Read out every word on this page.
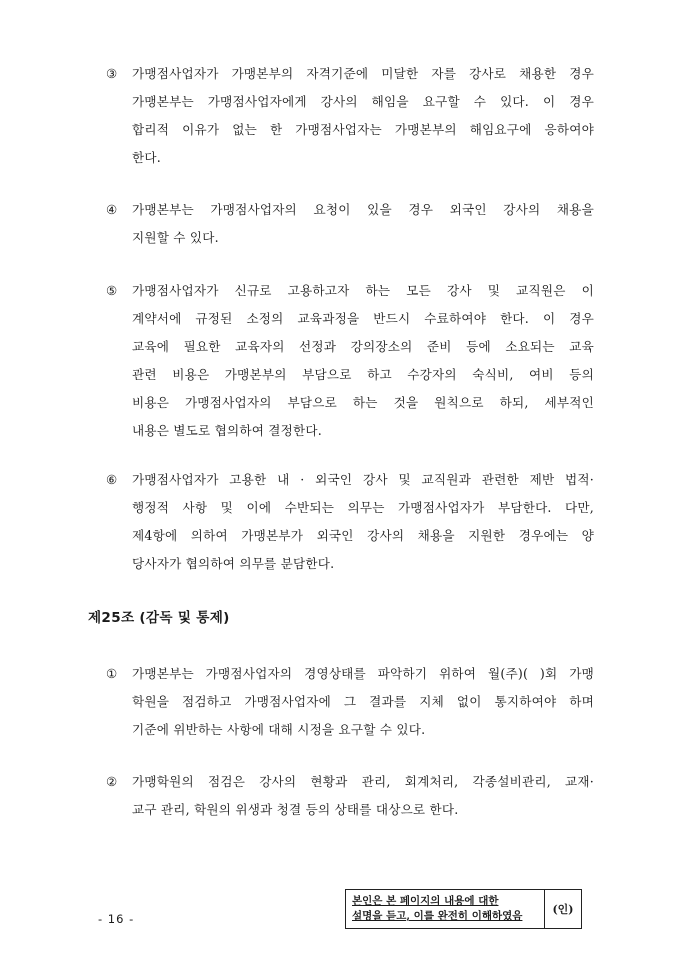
③	가맹점사업자가 가맹본부의 자격기준에 미달한 자를 강사로 채용한 경우
가맹본부는 가맹점사업자에게 강사의 해임을 요구할 수 있다. 이 경우
합리적 이유가 없는 한 가맹점사업자는 가맹본부의 해임요구에 응하여야
한다.
④	가맹본부는 가맹점사업자의 요청이 있을 경우 외국인 강사의 채용을
지원할 수 있다.
⑤	가맹점사업자가 신규로 고용하고자 하는 모든 강사 및 교직원은 이
계약서에 규정된 소정의 교육과정을 반드시 수료하여야 한다. 이 경우
교육에 필요한 교육자의 선정과 강의장소의 준비 등에 소요되는 교육
관련 비용은 가맹본부의 부담으로 하고 수강자의 숙식비, 여비 등의
비용은 가맹점사업자의 부담으로 하는 것을 원칙으로 하되, 세부적인
내용은 별도로 협의하여 결정한다.
⑥	가맹점사업자가 고용한 내 · 외국인 강사 및 교직원과 관련한 제반 법적·
행정적 사항 및 이에 수반되는 의무는 가맹점사업자가 부담한다. 다만,
제4항에 의하여 가맹본부가 외국인 강사의 채용을 지원한 경우에는 양
당사자가 협의하여 의무를 분담한다.
제25조 (감독 및 통제)
①	가맹본부는 가맹점사업자의 경영상태를 파악하기 위하여 월(주)( )회 가맹
학원을 점검하고 가맹점사업자에 그 결과를 지체 없이 통지하여야 하며
기준에 위반하는 사항에 대해 시정을 요구할 수 있다.
②	가맹학원의 점검은 강사의 현황과 관리, 회계처리, 각종설비관리, 교재·
교구 관리, 학원의 위생과 청결 등의 상태를 대상으로 한다.
- 16 -
본인은 본 페이지의 내용에 대한
설명을 듣고, 이를 완전히 이해하였음	(인)
